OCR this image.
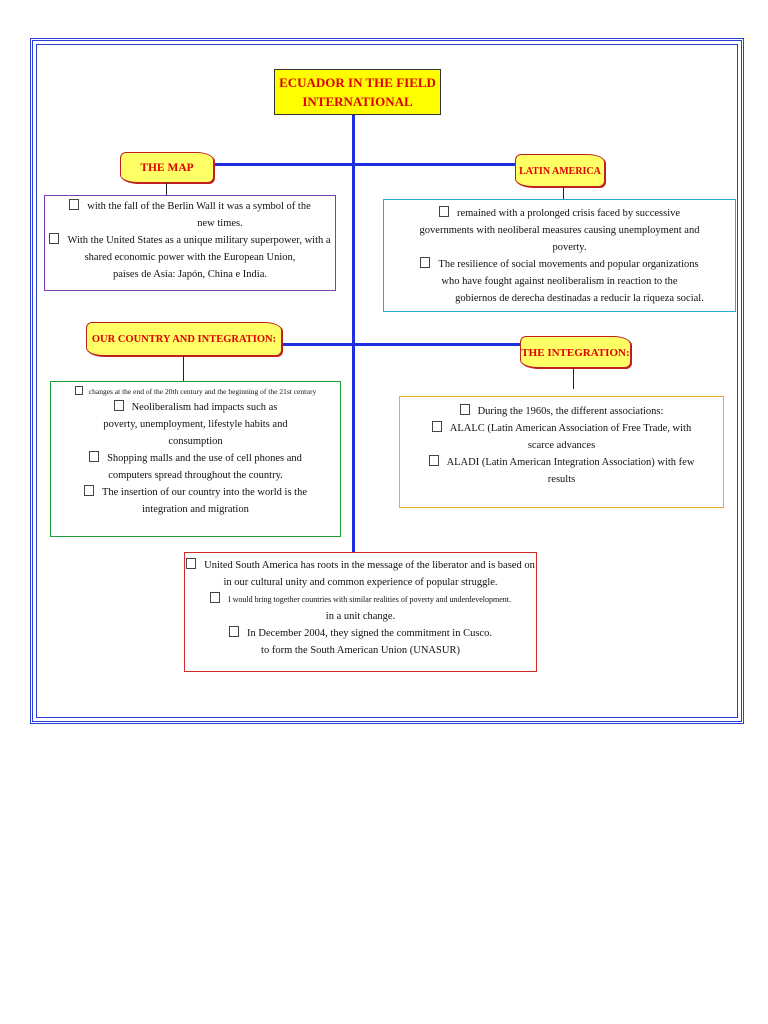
ECUADOR IN THE FIELD
INTERNATIONAL
THE MAP	LATIN AMERICA
OUR COUNTRY AND INTEGRATION:
THE INTEGRATION:
with the fall of the Berlin Wall it was a symbol of the
new times.
With the United States as a unique military superpower, with a
shared economic power with the European Union,
países de Asia: Japón, China e India.
remained with a prolonged crisis faced by successive
governments with neoliberal measures causing unemployment and
poverty.
The resilience of social movements and popular organizations
who have fought against neoliberalism in reaction to the
gobiernos de derecha destinadas a reducir la riqueza social.
changes at the end of the 20th century and the beginning of the 21st century
Neoliberalism had impacts such as
poverty, unemployment, lifestyle habits and
consumption
Shopping malls and the use of cell phones and
computers spread throughout the country.
The insertion of our country into the world is the
integration and migration
During the 1960s, the different associations:
ALALC (Latin American Association of Free Trade, with
scarce advances
ALADI (Latin American Integration Association) with few
results
United South America has roots in the message of the liberator and is based on
in our cultural unity and common experience of popular struggle.
I would bring together countries with similar realities of poverty and underdevelopment.
in a unit change.
In December 2004, they signed the commitment in Cusco.
to form the South American Union (UNASUR)
